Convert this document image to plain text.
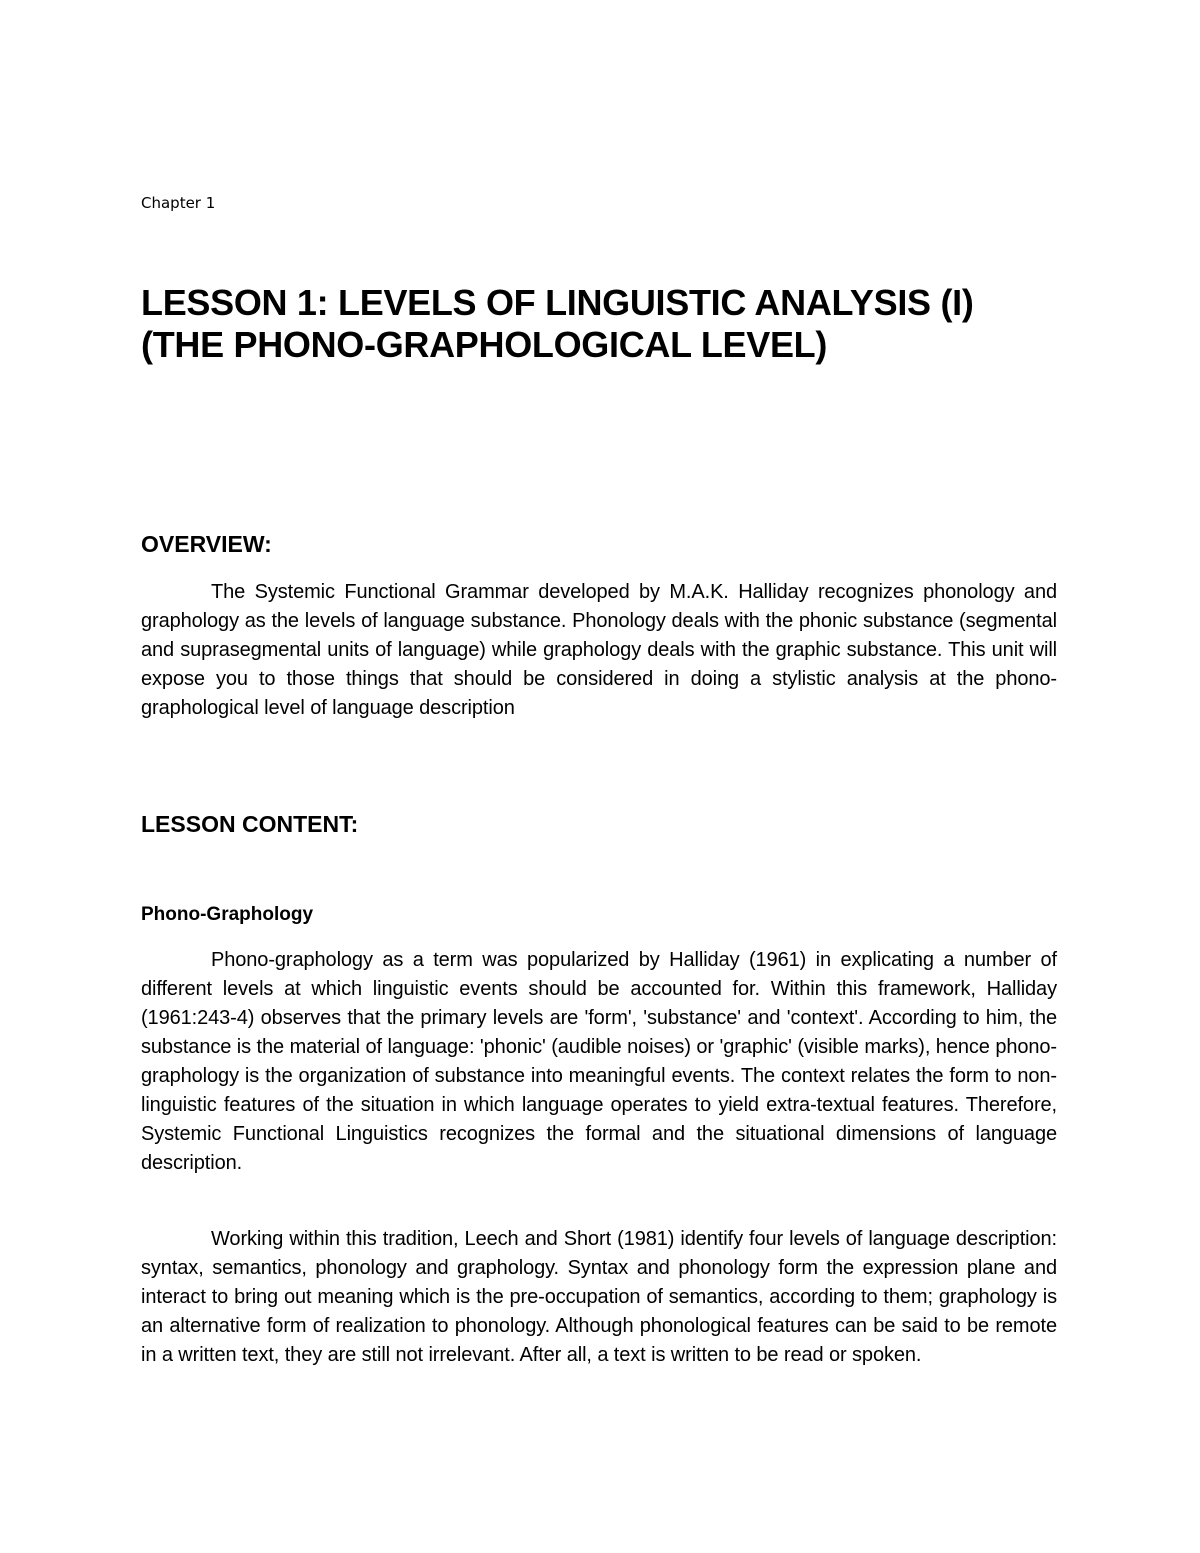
Chapter 1
LESSON 1: LEVELS OF LINGUISTIC ANALYSIS (I)
(THE PHONO-GRAPHOLOGICAL LEVEL)
OVERVIEW:

The Systemic Functional Grammar developed by M.A.K. Halliday recognizes phonology and graphology as the levels of language substance. Phonology deals with the phonic substance (segmental and suprasegmental units of language) while graphology deals with the graphic substance. This unit will expose you to those things that should be considered in doing a stylistic analysis at the phono-graphological level of language description

LESSON CONTENT:
Phono-Graphology

Phono-graphology as a term was popularized by Halliday (1961) in explicating a number of different levels at which linguistic events should be accounted for. Within this framework, Halliday (1961:243-4) observes that the primary levels are 'form', 'substance' and 'context'. According to him, the substance is the material of language: 'phonic' (audible noises) or 'graphic' (visible marks), hence phono-graphology is the organization of substance into meaningful events. The context relates the form to non-linguistic features of the situation in which language operates to yield extra-textual features. Therefore, Systemic Functional Linguistics recognizes the formal and the situational dimensions of language description.

Working within this tradition, Leech and Short (1981) identify four levels of language description: syntax, semantics, phonology and graphology. Syntax and phonology form the expression plane and interact to bring out meaning which is the pre-occupation of semantics, according to them; graphology is an alternative form of realization to phonology. Although phonological features can be said to be remote in a written text, they are still not irrelevant. After all, a text is written to be read or spoken.
